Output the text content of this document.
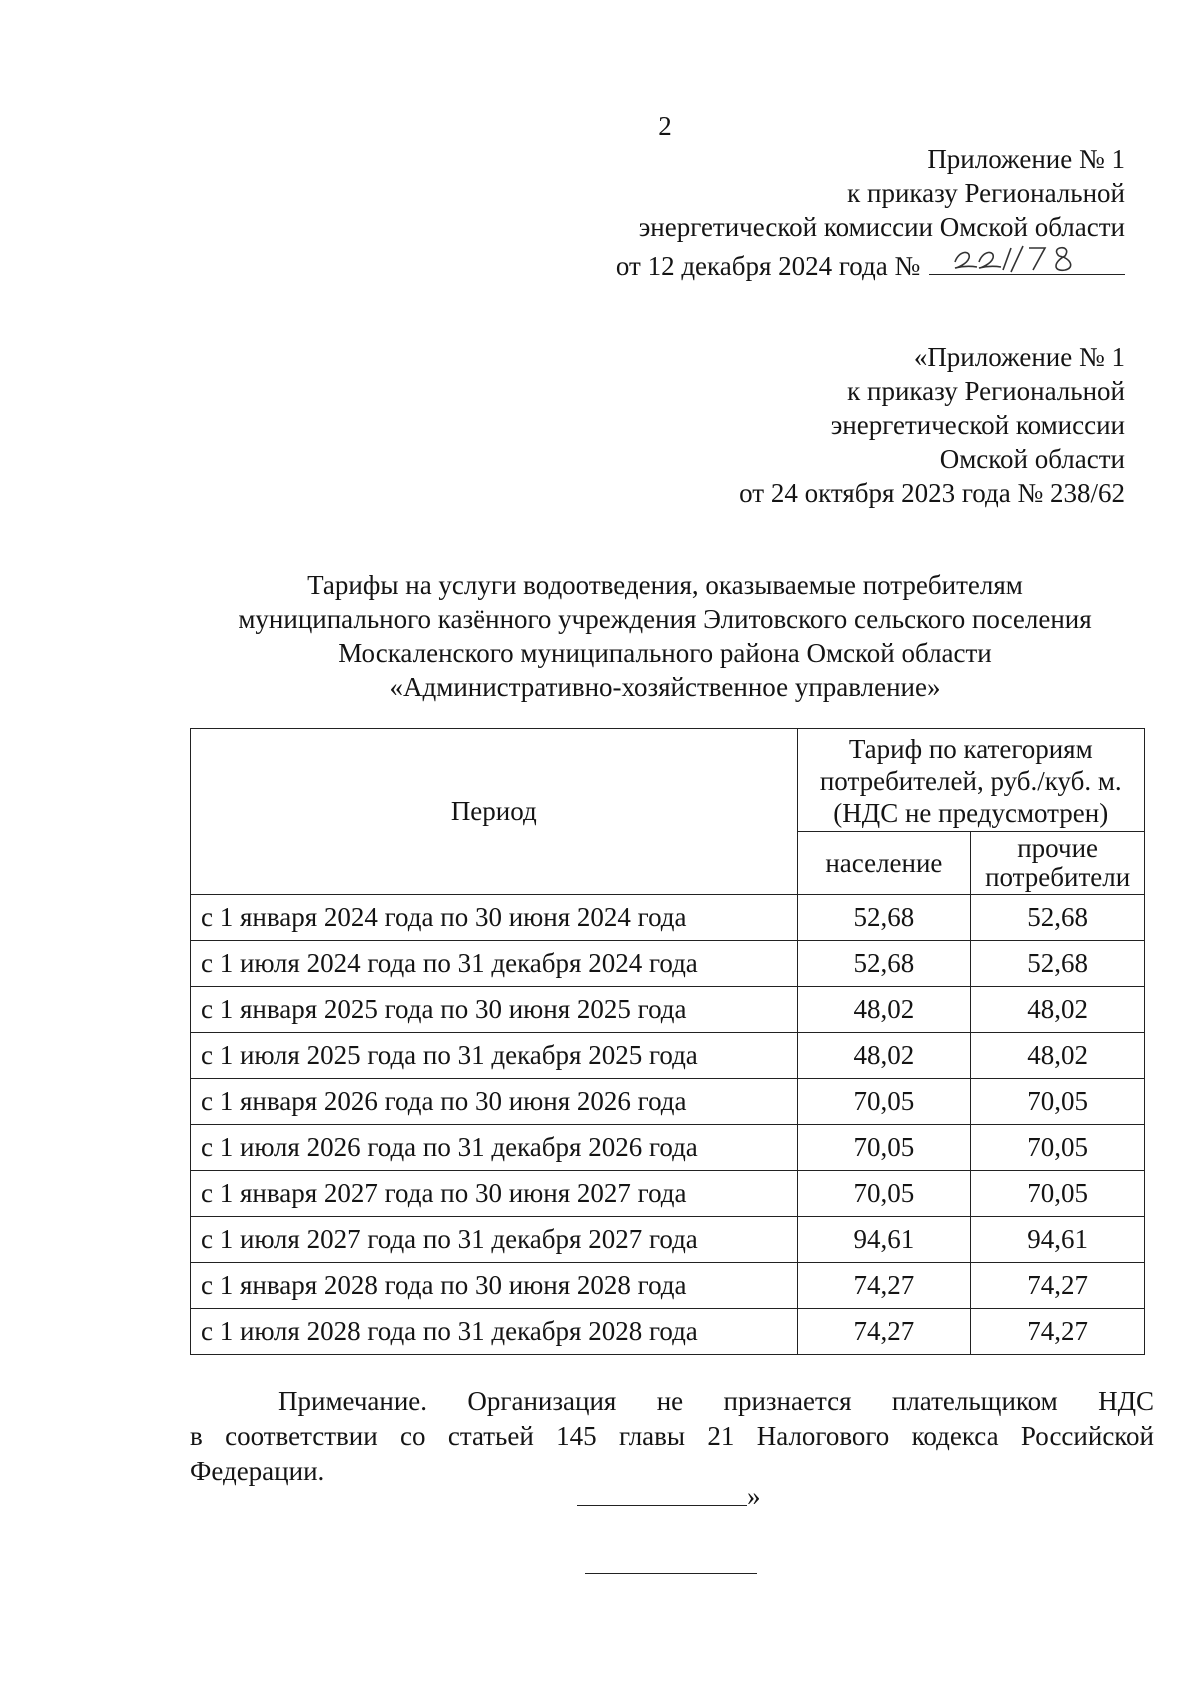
2
Приложение № 1
к приказу Региональной
энергетической комиссии Омской области
от 12 декабря 2024 года №
«Приложение № 1
к приказу Региональной
энергетической комиссии
Омской области
от 24 октября 2023 года № 238/62
Тарифы на услуги водоотведения, оказываемые потребителям
муниципального казённого учреждения Элитовского сельского поселения
Москаленского муниципального района Омской области
«Административно-хозяйственное управление»
Период	Тариф по категориям
потребителей, руб./куб. м.
(НДС не предусмотрен)	

	население	прочие
потребители

с 1 января 2024 года по 30 июня 2024 года	52,68	52,68
с 1 июля 2024 года по 31 декабря 2024 года	52,68	52,68
с 1 января 2025 года по 30 июня 2025 года	48,02	48,02
с 1 июля 2025 года по 31 декабря 2025 года	48,02	48,02
с 1 января 2026 года по 30 июня 2026 года	70,05	70,05
с 1 июля 2026 года по 31 декабря 2026 года	70,05	70,05
с 1 января 2027 года по 30 июня 2027 года	70,05	70,05
с 1 июля 2027 года по 31 декабря 2027 года	94,61	94,61
с 1 января 2028 года по 30 июня 2028 года	74,27	74,27
с 1 июля 2028 года по 31 декабря 2028 года	74,27	74,27
Примечание. Организация не признается плательщиком НДС
в соответствии со статьей 145 главы 21 Налогового кодекса Российской
Федерации.
»
